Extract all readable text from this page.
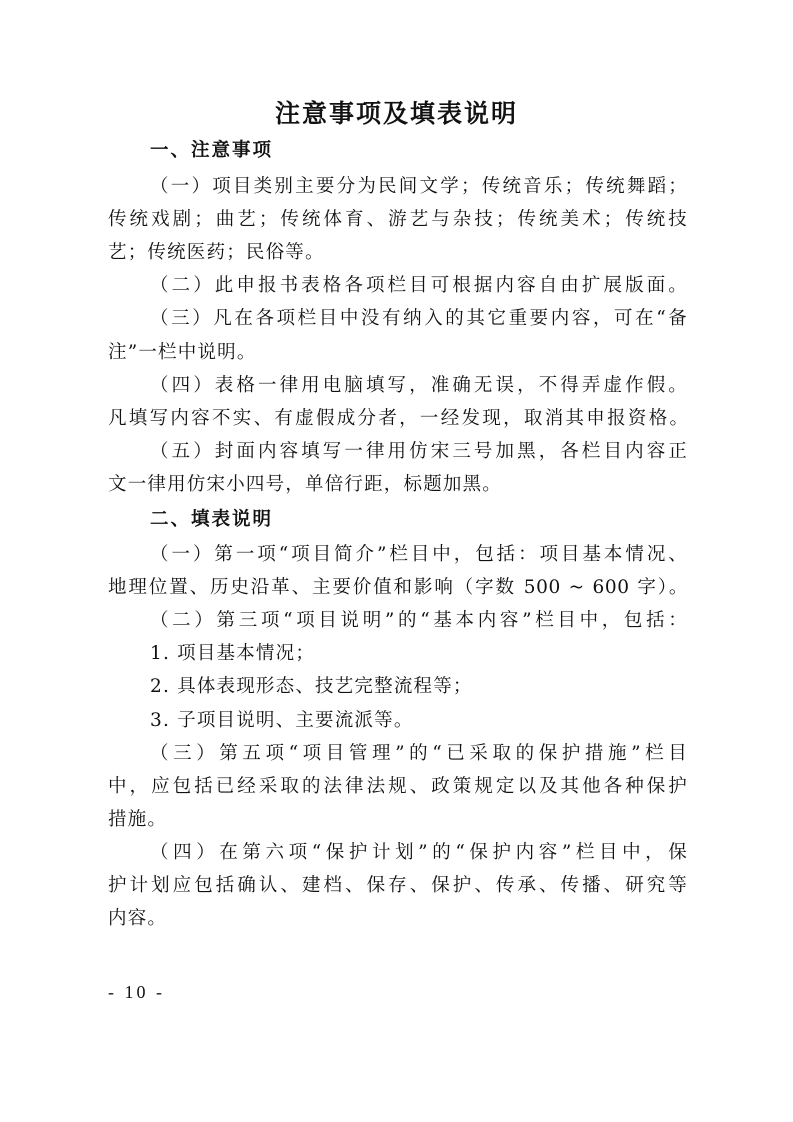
注意事项及填表说明
一、注意事项
（一）项目类别主要分为民间文学；传统音乐；传统舞蹈；
传统戏剧；曲艺；传统体育、游艺与杂技；传统美术；传统技
艺；传统医药；民俗等。
（二）此申报书表格各项栏目可根据内容自由扩展版面。
（三）凡在各项栏目中没有纳入的其它重要内容，可在“备
注”一栏中说明。
（四）表格一律用电脑填写，准确无误，不得弄虚作假。
凡填写内容不实、有虚假成分者，一经发现，取消其申报资格。
（五）封面内容填写一律用仿宋三号加黑，各栏目内容正
文一律用仿宋小四号，单倍行距，标题加黑。
二、填表说明
（一）第一项“项目简介”栏目中，包括：项目基本情况、
地理位置、历史沿革、主要价值和影响（字数 500 ~ 600 字）。
（二）第三项“项目说明”的“基本内容”栏目中，包括：
1. 项目基本情况；
2. 具体表现形态、技艺完整流程等；
3. 子项目说明、主要流派等。
（三）第五项“项目管理”的“已采取的保护措施”栏目
中，应包括已经采取的法律法规、政策规定以及其他各种保护
措施。
（四）在第六项“保护计划”的“保护内容”栏目中，保
护计划应包括确认、建档、保存、保护、传承、传播、研究等
内容。
- 10 -
